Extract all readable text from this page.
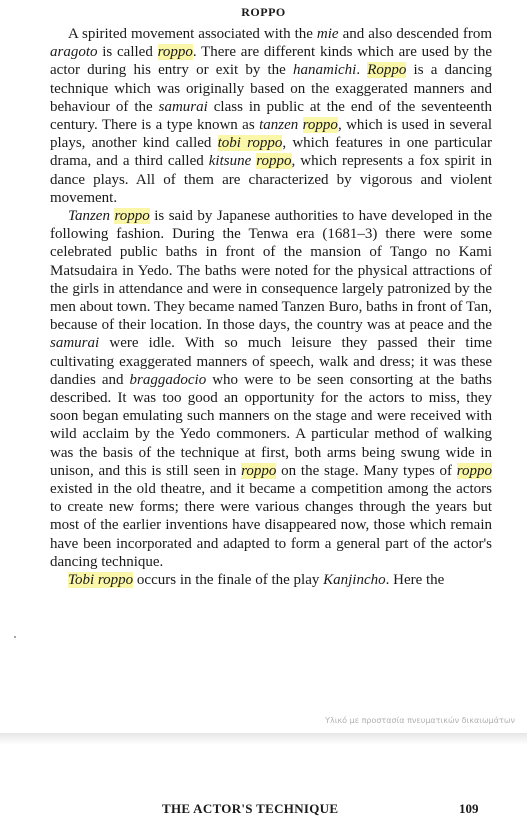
ROPPO

A spirited movement associated with the mie and also descended from aragoto is called roppo. There are different kinds which are used by the actor during his entry or exit by the hanamichi. Roppo is a dancing technique which was originally based on the exaggerated manners and behaviour of the samurai class in public at the end of the seventeenth century. There is a type known as tanzen roppo, which is used in several plays, another kind called tobi roppo, which features in one particular drama, and a third called kitsune roppo, which represents a fox spirit in dance plays. All of them are characterized by vigorous and violent movement.

Tanzen roppo is said by Japanese authorities to have developed in the following fashion. During the Tenwa era (1681–3) there were some celebrated public baths in front of the mansion of Tango no Kami Matsudaira in Yedo. The baths were noted for the physical attractions of the girls in attendance and were in consequence largely patronized by the men about town. They became named Tanzen Buro, baths in front of Tan, because of their location. In those days, the country was at peace and the samurai were idle. With so much leisure they passed their time cultivating exaggerated manners of speech, walk and dress; it was these dandies and braggadocio who were to be seen consorting at the baths described. It was too good an opportunity for the actors to miss, they soon began emulating such manners on the stage and were received with wild acclaim by the Yedo commoners. A particular method of walking was the basis of the technique at first, both arms being swung wide in unison, and this is still seen in roppo on the stage. Many types of roppo existed in the old theatre, and it became a competition among the actors to create new forms; there were various changes through the years but most of the earlier inventions have disappeared now, those which remain have been incorporated and adapted to form a general part of the actor's dancing technique.

Tobi roppo occurs in the finale of the play Kanjincho. Here the

Υλικό με προστασία πνευματικών δικαιωμάτων
THE ACTOR'S TECHNIQUE	109
